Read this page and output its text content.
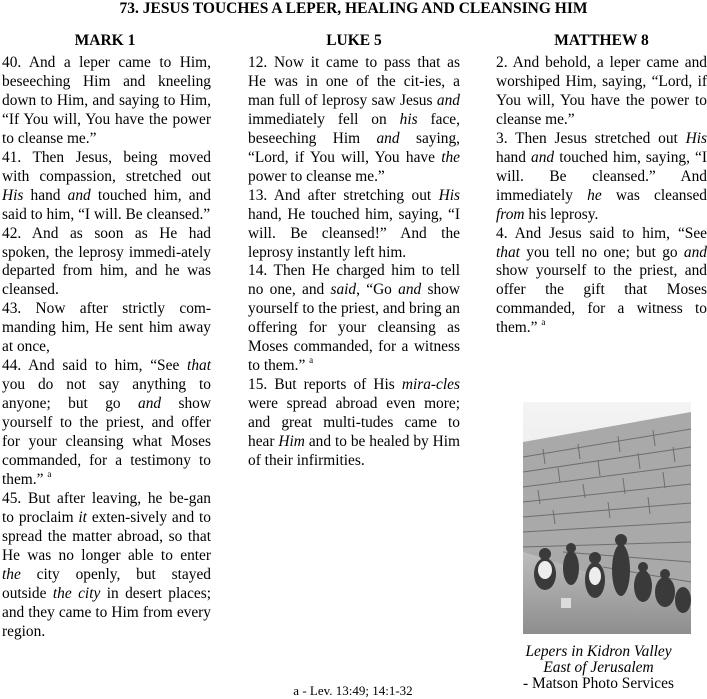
73. JESUS TOUCHES A LEPER, HEALING AND CLEANSING HIM
MARK 1	LUKE 5	MATTHEW 8

40. And a leper came to Him, beseeching Him and kneeling down to Him, and saying to Him, “If You will, You have the power to cleanse me.”

41. Then Jesus, being moved with compassion, stretched out His hand and touched him, and said to him, “I will. Be cleansed.”

42. And as soon as He had spoken, the leprosy immedi-ately departed from him, and he was cleansed.

43. Now after strictly com-manding him, He sent him away at once,

44. And said to him, “See that you do not say anything to anyone; but go and show yourself to the priest, and offer for your cleansing what Moses commanded, for a testimony to them.” $^a$

45. But after leaving, he be-gan to proclaim it exten-sively and to spread the matter abroad, so that He was no longer able to enter the city openly, but stayed outside the city in desert places; and they came to Him from every region.

12. Now it came to pass that as He was in one of the cit-ies, a man full of leprosy saw Jesus and immediately fell on his face, beseeching Him and saying, “Lord, if You will, You have the power to cleanse me.”

13. And after stretching out His hand, He touched him, saying, “I will. Be cleansed!” And the leprosy instantly left him.

14. Then He charged him to tell no one, and said, “Go and show yourself to the priest, and bring an offering for your cleansing as Moses commanded, for a witness to them.” $^a$

15. But reports of His mira-cles were spread abroad even more; and great multi-tudes came to hear Him and to be healed by Him of their infirmities.

2. And behold, a leper came and worshiped Him, saying, “Lord, if You will, You have the power to cleanse me.”

3. Then Jesus stretched out His hand and touched him, saying, “I will. Be cleansed.” And immediately he was cleansed from his leprosy.

4. And Jesus said to him, “See that you tell no one; but go and show yourself to the priest, and offer the gift that Moses commanded, for a witness to them.” $^a$

Lepers in Kidron Valley
East of Jerusalem
- Matson Photo Services
a - Lev. 13:49; 14:1-32
